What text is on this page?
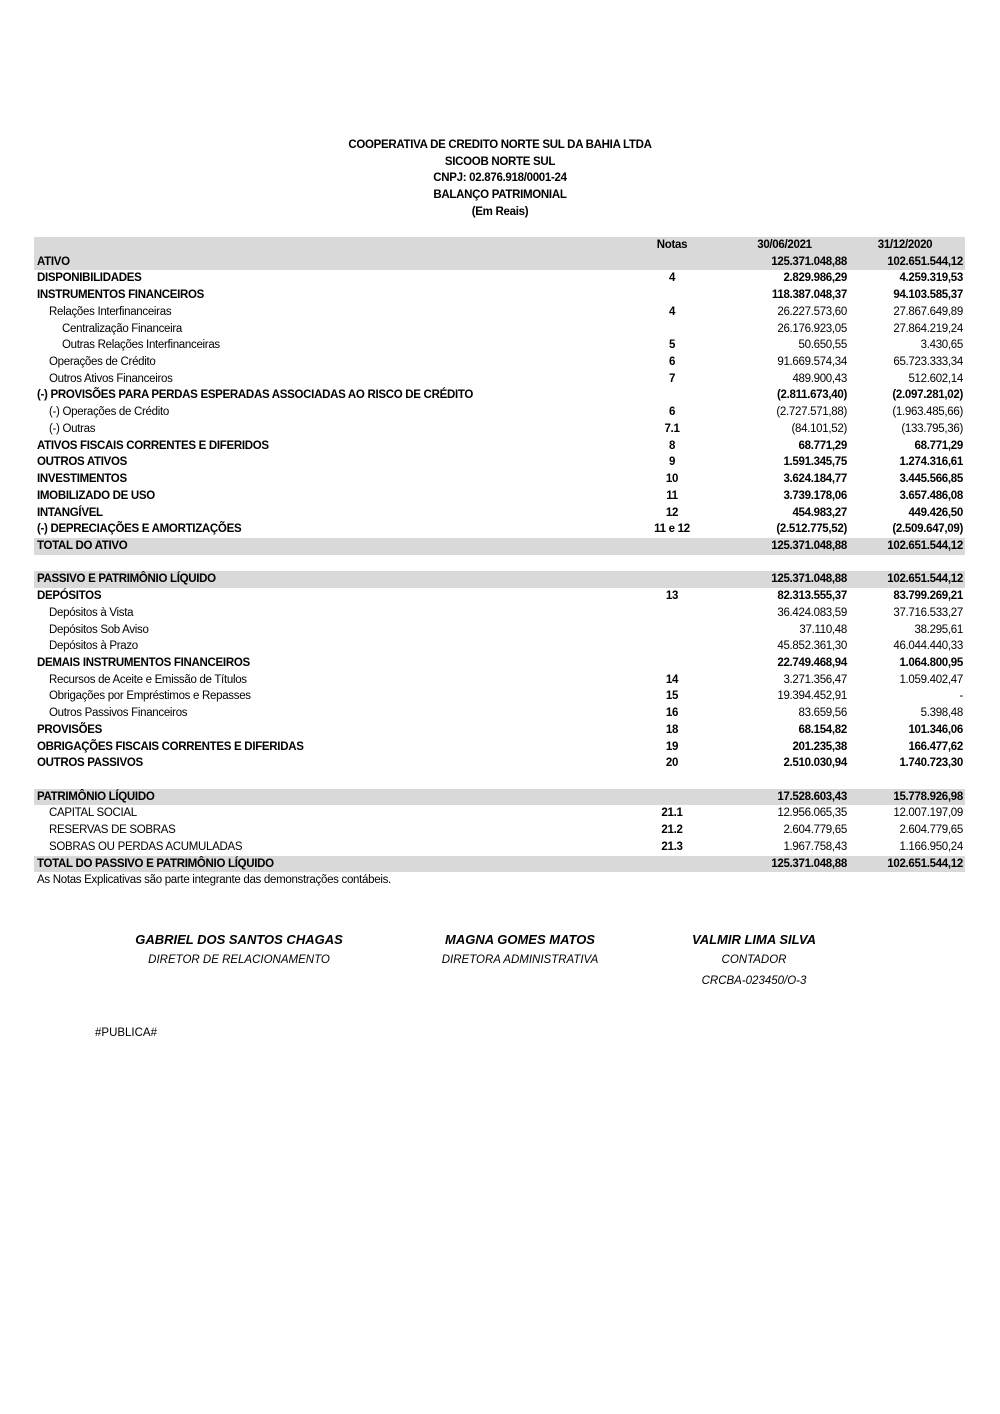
COOPERATIVA DE CREDITO NORTE SUL DA BAHIA LTDA
SICOOB NORTE SUL
CNPJ: 02.876.918/0001-24
BALANÇO PATRIMONIAL
(Em Reais)
	Notas	30/06/2021	31/12/2020
ATIVO		125.371.048,88	102.651.544,12
DISPONIBILIDADES	4	2.829.986,29	4.259.319,53
INSTRUMENTOS FINANCEIROS		118.387.048,37	94.103.585,37
Relações Interfinanceiras	4	26.227.573,60	27.867.649,89
Centralização Financeira		26.176.923,05	27.864.219,24
Outras Relações Interfinanceiras	5	50.650,55	3.430,65
Operações de Crédito	6	91.669.574,34	65.723.333,34
Outros Ativos Financeiros	7	489.900,43	512.602,14
(-) PROVISÕES PARA PERDAS ESPERADAS ASSOCIADAS AO RISCO DE CRÉDITO		(2.811.673,40)	(2.097.281,02)
(-) Operações de Crédito	6	(2.727.571,88)	(1.963.485,66)
(-) Outras	7.1	(84.101,52)	(133.795,36)
ATIVOS FISCAIS CORRENTES E DIFERIDOS	8	68.771,29	68.771,29
OUTROS ATIVOS	9	1.591.345,75	1.274.316,61
INVESTIMENTOS	10	3.624.184,77	3.445.566,85
IMOBILIZADO DE USO	11	3.739.178,06	3.657.486,08
INTANGÍVEL	12	454.983,27	449.426,50
(-) DEPRECIAÇÕES E AMORTIZAÇÕES	11 e 12	(2.512.775,52)	(2.509.647,09)
TOTAL DO ATIVO		125.371.048,88	102.651.544,12

PASSIVO E PATRIMÔNIO LÍQUIDO		125.371.048,88	102.651.544,12
DEPÓSITOS	13	82.313.555,37	83.799.269,21
Depósitos à Vista		36.424.083,59	37.716.533,27
Depósitos Sob Aviso		37.110,48	38.295,61
Depósitos à Prazo		45.852.361,30	46.044.440,33
DEMAIS INSTRUMENTOS FINANCEIROS		22.749.468,94	1.064.800,95
Recursos de Aceite e Emissão de Títulos	14	3.271.356,47	1.059.402,47
Obrigações por Empréstimos e Repasses	15	19.394.452,91	-
Outros Passivos Financeiros	16	83.659,56	5.398,48
PROVISÕES	18	68.154,82	101.346,06
OBRIGAÇÕES FISCAIS CORRENTES E DIFERIDAS	19	201.235,38	166.477,62
OUTROS PASSIVOS	20	2.510.030,94	1.740.723,30

PATRIMÔNIO LÍQUIDO		17.528.603,43	15.778.926,98
CAPITAL SOCIAL	21.1	12.956.065,35	12.007.197,09
RESERVAS DE SOBRAS	21.2	2.604.779,65	2.604.779,65
SOBRAS OU PERDAS ACUMULADAS	21.3	1.967.758,43	1.166.950,24
TOTAL DO PASSIVO E PATRIMÔNIO LÍQUIDO		125.371.048,88	102.651.544,12
As Notas Explicativas são parte integrante das demonstrações contábeis.
GABRIEL DOS SANTOS CHAGAS
DIRETOR DE RELACIONAMENTO
MAGNA GOMES MATOS
DIRETORA ADMINISTRATIVA
VALMIR LIMA SILVA
CONTADOR
CRCBA-023450/O-3
#PUBLICA#
